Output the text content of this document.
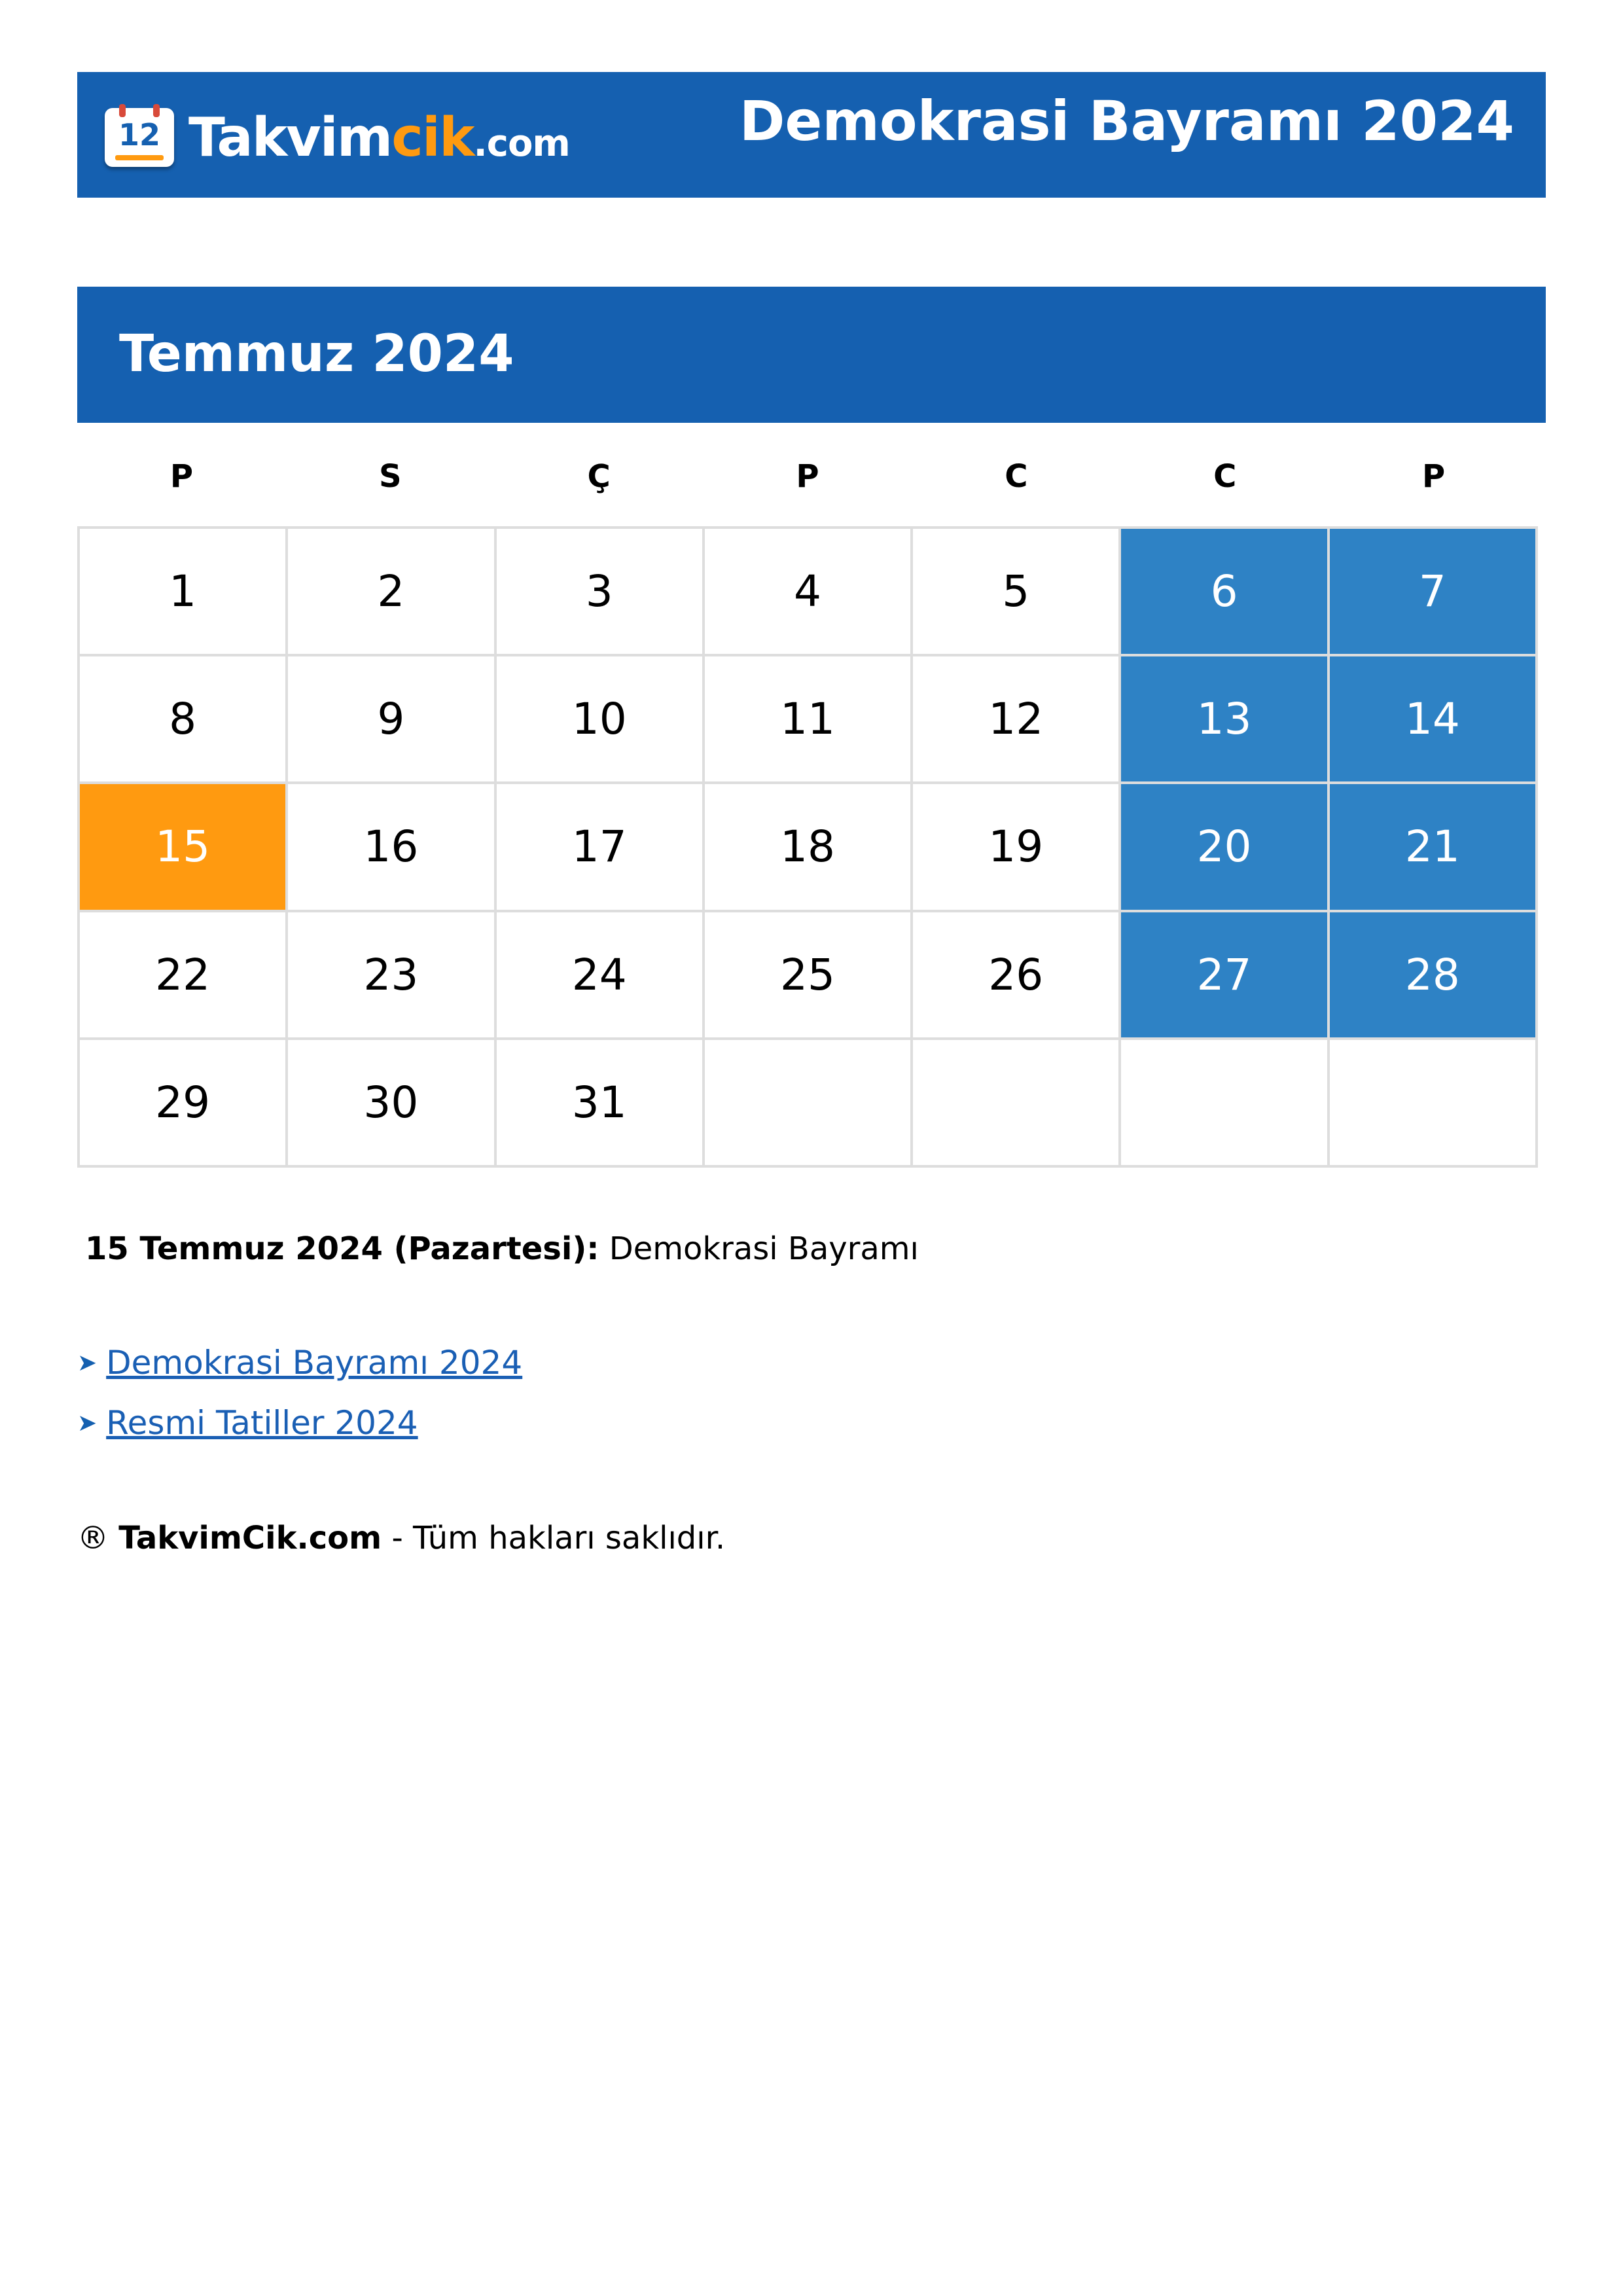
12 Takvimcik.com	Demokrasi Bayramı 2024
Temmuz 2024
P	S	Ç	P	C	C	P
1	2	3	4	5	6	7
8	9	10	11	12	13	14
15	16	17	18	19	20	21
22	23	24	25	26	27	28
29	30	31
15 Temmuz 2024 (Pazartesi): Demokrasi Bayramı
➤ Demokrasi Bayramı 2024
➤ Resmi Tatiller 2024
® TakvimCik.com - Tüm hakları saklıdır.
